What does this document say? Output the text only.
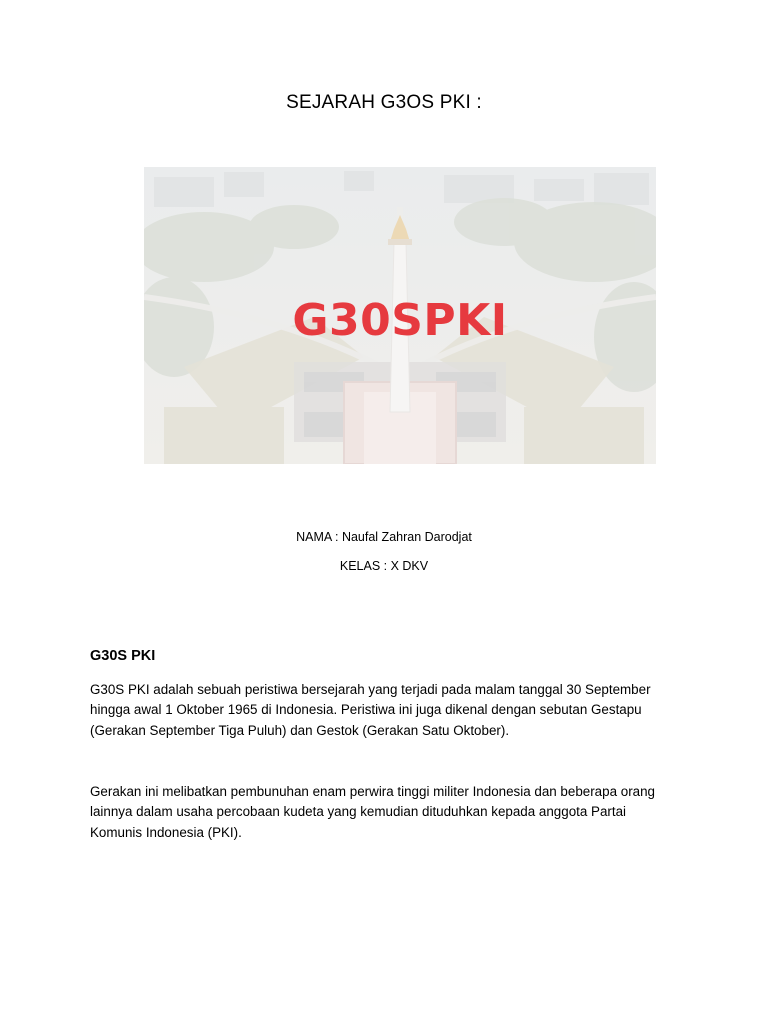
SEJARAH G3OS PKI :
G30SPKI
NAMA : Naufal Zahran Darodjat
KELAS : X DKV
G30S PKI
G30S PKI adalah sebuah peristiwa bersejarah yang terjadi pada malam tanggal 30 September
hingga awal 1 Oktober 1965 di Indonesia. Peristiwa ini juga dikenal dengan sebutan Gestapu
(Gerakan September Tiga Puluh) dan Gestok (Gerakan Satu Oktober).
Gerakan ini melibatkan pembunuhan enam perwira tinggi militer Indonesia dan beberapa orang
lainnya dalam usaha percobaan kudeta yang kemudian dituduhkan kepada anggota Partai
Komunis Indonesia (PKI).
